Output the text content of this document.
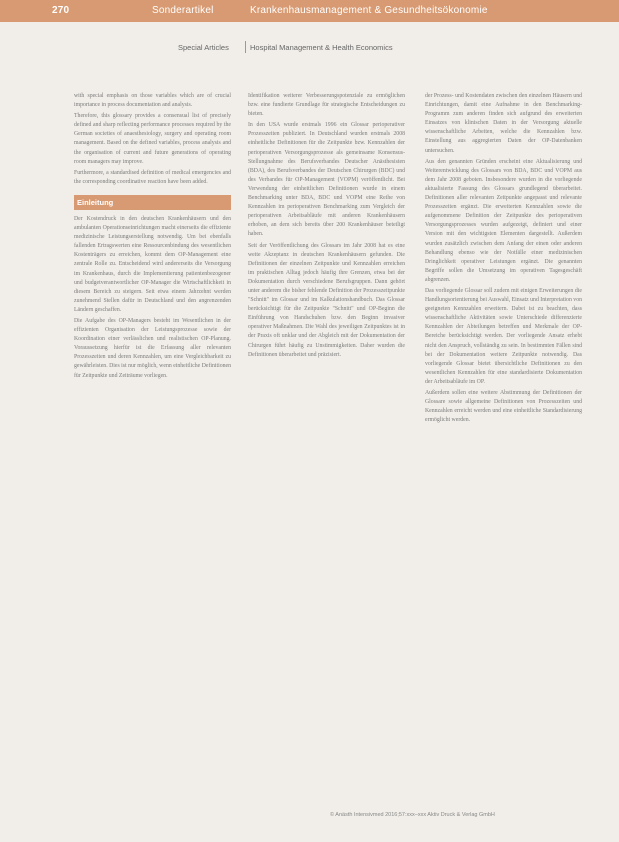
270	Sonderartikel	Krankenhausmanagement & Gesundheitsökonomie
Special Articles	Hospital Management & Health Economics

with special emphasis on those variables which are of crucial importance in process documentation and analysis.

Therefore, this glossary provides a consensual list of precisely defined and sharp reflecting performance processes required by the German societies of anaesthesiology, surgery and operating room management. Based on the defined variables, process analysis and the organisation of current and future generations of operating room managers may improve.

Furthermore, a standardised definition of medical emergencies and the corresponding coordinative reaction have been added.

Einleitung

Der Kostendruck in den deutschen Krankenhäusern und den ambulanten Operationseinrichtungen macht einerseits die effiziente medizinische Leistungserstellung notwendig. Um bei ebenfalls fallenden Ertragswerten eine Ressourcenbindung des wesentlichen Kostenträgers zu erreichen, kommt dem OP-Management eine zentrale Rolle zu. Entscheidend wird andererseits die Versorgung im Krankenhaus, durch die Implementierung patientenbezogener und budgetverantwortlicher OP-Manager die Wirtschaftlichkeit in diesem Bereich zu steigern. Seit etwa einem Jahrzehnt werden zunehmend Stellen dafür in Deutschland und den angrenzenden Ländern geschaffen.

Die Aufgabe des OP-Managers besteht im Wesentlichen in der effizienten Organisation der Leistungsprozesse sowie der Koordination einer verlässlichen und realistischen OP-Planung. Voraussetzung hierfür ist die Erfassung aller relevanten Prozesszeiten und deren Kennzahlen, um eine Vergleichbarkeit zu gewährleisten. Dies ist nur möglich, wenn einheitliche Definitionen für Zeitpunkte und Zeiträume vorliegen.

Identifikation weiterer Verbesserungspotenziale zu ermöglichen bzw. eine fundierte Grundlage für strategische Entscheidungen zu bieten.

In den USA wurde erstmals 1996 ein Glossar perioperativer Prozesszeiten publiziert. In Deutschland wurden erstmals 2008 einheitliche Definitionen für die Zeitpunkte bzw. Kennzahlen der perioperativen Versorgungsprozesse als gemeinsame Konsensus-Stellungnahme des Berufsverbandes Deutscher Anästhesisten (BDA), des Berufsverbandes der Deutschen Chirurgen (BDC) und des Verbandes für OP-Management (VOPM) veröffentlicht. Bei Verwendung der einheitlichen Definitionen wurde in einem Benchmarking unter BDA, BDC und VOPM eine Reihe von Kennzahlen im perioperativen Benchmarking zum Vergleich der perioperativen Arbeitsabläufe mit anderen Krankenhäusern erhoben, an dem sich bereits über 200 Krankenhäuser beteiligt haben.

Seit der Veröffentlichung des Glossars im Jahr 2008 hat es eine weite Akzeptanz in deutschen Krankenhäusern gefunden. Die Definitionen der einzelnen Zeitpunkte und Kennzahlen erreichen im praktischen Alltag jedoch häufig ihre Grenzen, etwa bei der Dokumentation durch verschiedene Berufsgruppen. Dann gehört unter anderem die bisher fehlende Definition der Prozesszeitpunkte "Schnitt" im Glossar und im Kalkulationshandbuch. Das Glossar berücksichtigt für die Zeitpunkte "Schnitt" und OP-Beginn die Einführung von Handschuhen bzw. den Beginn invasiver operativer Maßnahmen. Die Wahl des jeweiligen Zeitpunktes ist in der Praxis oft unklar und der Abgleich mit der Dokumentation der Chirurgen führt häufig zu Unstimmigkeiten. Daher wurden die Definitionen überarbeitet und präzisiert.

der Prozess- und Kostendaten zwischen den einzelnen Häusern und Einrichtungen, damit eine Aufnahme in den Benchmarking-Programm zum anderen finden sich aufgrund des erweiterten Einsatzes von klinischen Daten in der Versorgung aktuelle wissenschaftliche Arbeiten, welche die Kennzahlen bzw. Einstellung aus aggregierten Daten der OP-Datenbanken untersuchen.

Aus den genannten Gründen erscheint eine Aktualisierung und Weiterentwicklung des Glossars von BDA, BDC und VOPM aus dem Jahr 2008 geboten. Insbesondere wurden in die vorliegende aktualisierte Fassung des Glossars grundlegend überarbeitet. Definitionen aller relevanten Zeitpunkte angepasst und relevante Prozesszeiten ergänzt. Die erweiterten Kennzahlen sowie die aufgenommene Definition der Zeitpunkte des perioperativen Versorgungsprozesses wurden aufgezeigt, definiert und einer Version mit den wichtigsten Elementen dargestellt. Außerdem wurden zusätzlich zwischen dem Anfang der einen oder anderen Behandlung ebenso wie der Notfälle einer medizinischen Dringlichkeit operativer Leistungen ergänzt. Die genannten Begriffe sollen die Umsetzung im operativen Tagesgeschäft abgrenzen.

Das vorliegende Glossar soll zudem mit einigen Erweiterungen die Handlungsorientierung bei Auswahl, Einsatz und Interpretation von geeigneten Kennzahlen erweitern. Dabei ist zu beachten, dass wissenschaftliche Aktivitäten sowie Unterschiede differenzierte Kennzahlen der Abteilungen betreffen und Merkmale der OP-Bereiche berücksichtigt werden. Der vorliegende Ansatz erhebt nicht den Anspruch, vollständig zu sein. In bestimmten Fällen sind bei der Dokumentation weitere Zeitpunkte notwendig. Das vorliegende Glossar bietet übersichtliche Definitionen zu den wesentlichen Kennzahlen für eine standardisierte Dokumentation der Arbeitsabläufe im OP.

Außerdem sollen eine weitere Abstimmung der Definitionen der Glossare sowie allgemeine Definitionen von Prozesszeiten und Kennzahlen erreicht werden und eine einheitliche Standardisierung ermöglicht werden.

© Anästh Intensivmed 2016;57:xxx–xxx Aktiv Druck & Verlag GmbH
